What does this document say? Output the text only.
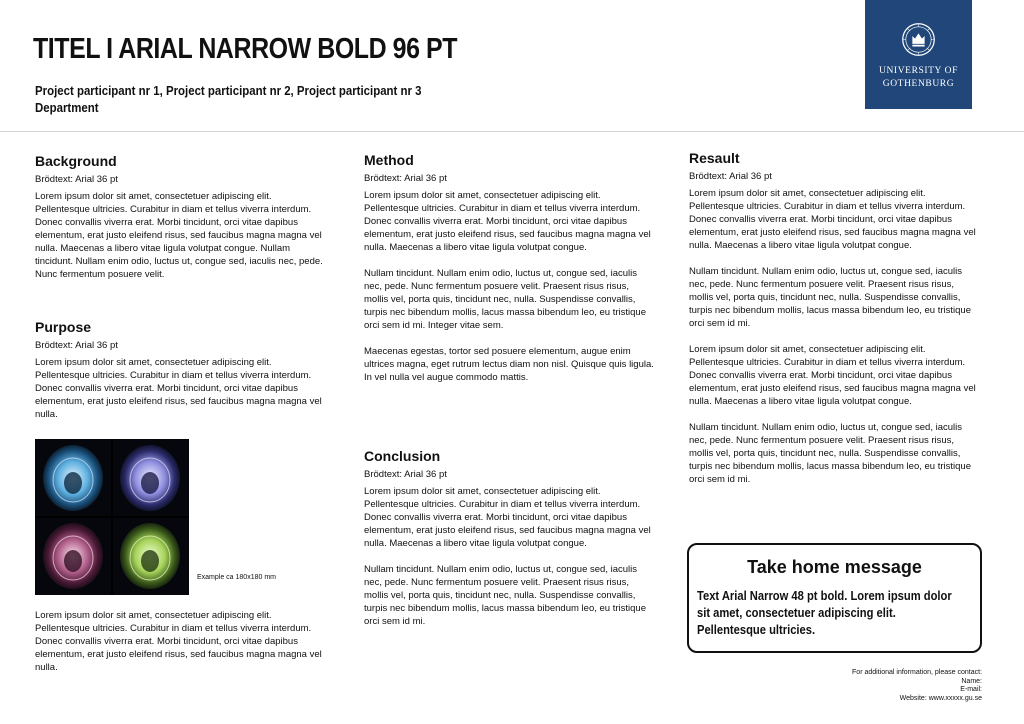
TITEL I ARIAL NARROW BOLD 96 PT
Project participant nr 1, Project participant nr 2, Project participant nr 3
Department
UNIVERSITY OF
GOTHENBURG
Background
Brödtext: Arial 36 pt

Lorem ipsum dolor sit amet, consectetuer adipiscing elit. Pellentesque ultricies. Curabitur in diam et tellus viverra interdum. Donec convallis viverra erat. Morbi tincidunt, orci vitae dapibus elementum, erat justo eleifend risus, sed faucibus magna magna vel nulla. Maecenas a libero vitae ligula volutpat congue. Nullam tincidunt. Nullam enim odio, luctus ut, congue sed, iaculis nec, pede. Nunc fermentum posuere velit.

Purpose
Brödtext: Arial 36 pt

Lorem ipsum dolor sit amet, consectetuer adipiscing elit. Pellentesque ultricies. Curabitur in diam et tellus viverra interdum. Donec convallis viverra erat. Morbi tincidunt, orci vitae dapibus elementum, erat justo eleifend risus, sed faucibus magna magna vel nulla.

Example ca 180x180 mm

Lorem ipsum dolor sit amet, consectetuer adipiscing elit. Pellentesque ultricies. Curabitur in diam et tellus viverra interdum. Donec convallis viverra erat. Morbi tincidunt, orci vitae dapibus elementum, erat justo eleifend risus, sed faucibus magna magna vel nulla.

Method
Brödtext: Arial 36 pt

Lorem ipsum dolor sit amet, consectetuer adipiscing elit. Pellentesque ultricies. Curabitur in diam et tellus viverra interdum. Donec convallis viverra erat. Morbi tincidunt, orci vitae dapibus elementum, erat justo eleifend risus, sed faucibus magna magna vel nulla. Maecenas a libero vitae ligula volutpat congue.

Nullam tincidunt. Nullam enim odio, luctus ut, congue sed, iaculis nec, pede. Nunc fermentum posuere velit. Praesent risus risus, mollis vel, porta quis, tincidunt nec, nulla. Suspendisse convallis, turpis nec bibendum mollis, lacus massa bibendum leo, eu tristique orci sem id mi. Integer vitae sem.

Maecenas egestas, tortor sed posuere elementum, augue enim ultrices magna, eget rutrum lectus diam non nisl. Quisque quis ligula. In vel nulla vel augue commodo mattis.

Conclusion
Brödtext: Arial 36 pt

Lorem ipsum dolor sit amet, consectetuer adipiscing elit. Pellentesque ultricies. Curabitur in diam et tellus viverra interdum. Donec convallis viverra erat. Morbi tincidunt, orci vitae dapibus elementum, erat justo eleifend risus, sed faucibus magna magna vel nulla. Maecenas a libero vitae ligula volutpat congue.

Nullam tincidunt. Nullam enim odio, luctus ut, congue sed, iaculis nec, pede. Nunc fermentum posuere velit. Praesent risus risus, mollis vel, porta quis, tincidunt nec, nulla. Suspendisse convallis, turpis nec bibendum mollis, lacus massa bibendum leo, eu tristique orci sem id mi.

Resault
Brödtext: Arial 36 pt

Lorem ipsum dolor sit amet, consectetuer adipiscing elit. Pellentesque ultricies. Curabitur in diam et tellus viverra interdum. Donec convallis viverra erat. Morbi tincidunt, orci vitae dapibus elementum, erat justo eleifend risus, sed faucibus magna magna vel nulla. Maecenas a libero vitae ligula volutpat congue.

Nullam tincidunt. Nullam enim odio, luctus ut, congue sed, iaculis nec, pede. Nunc fermentum posuere velit. Praesent risus risus, mollis vel, porta quis, tincidunt nec, nulla. Suspendisse convallis, turpis nec bibendum mollis, lacus massa bibendum leo, eu tristique orci sem id mi.

Lorem ipsum dolor sit amet, consectetuer adipiscing elit. Pellentesque ultricies. Curabitur in diam et tellus viverra interdum. Donec convallis viverra erat. Morbi tincidunt, orci vitae dapibus elementum, erat justo eleifend risus, sed faucibus magna magna vel nulla. Maecenas a libero vitae ligula volutpat congue.

Nullam tincidunt. Nullam enim odio, luctus ut, congue sed, iaculis nec, pede. Nunc fermentum posuere velit. Praesent risus risus, mollis vel, porta quis, tincidunt nec, nulla. Suspendisse convallis, turpis nec bibendum mollis, lacus massa bibendum leo, eu tristique orci sem id mi.

Take home message
Text Arial Narrow 48 pt bold. Lorem ipsum dolor sit amet, consectetuer adipiscing elit. Pellentesque ultricies.
For additional information, please contact:
Name:
E-mail:
Website: www.xxxxx.gu.se
